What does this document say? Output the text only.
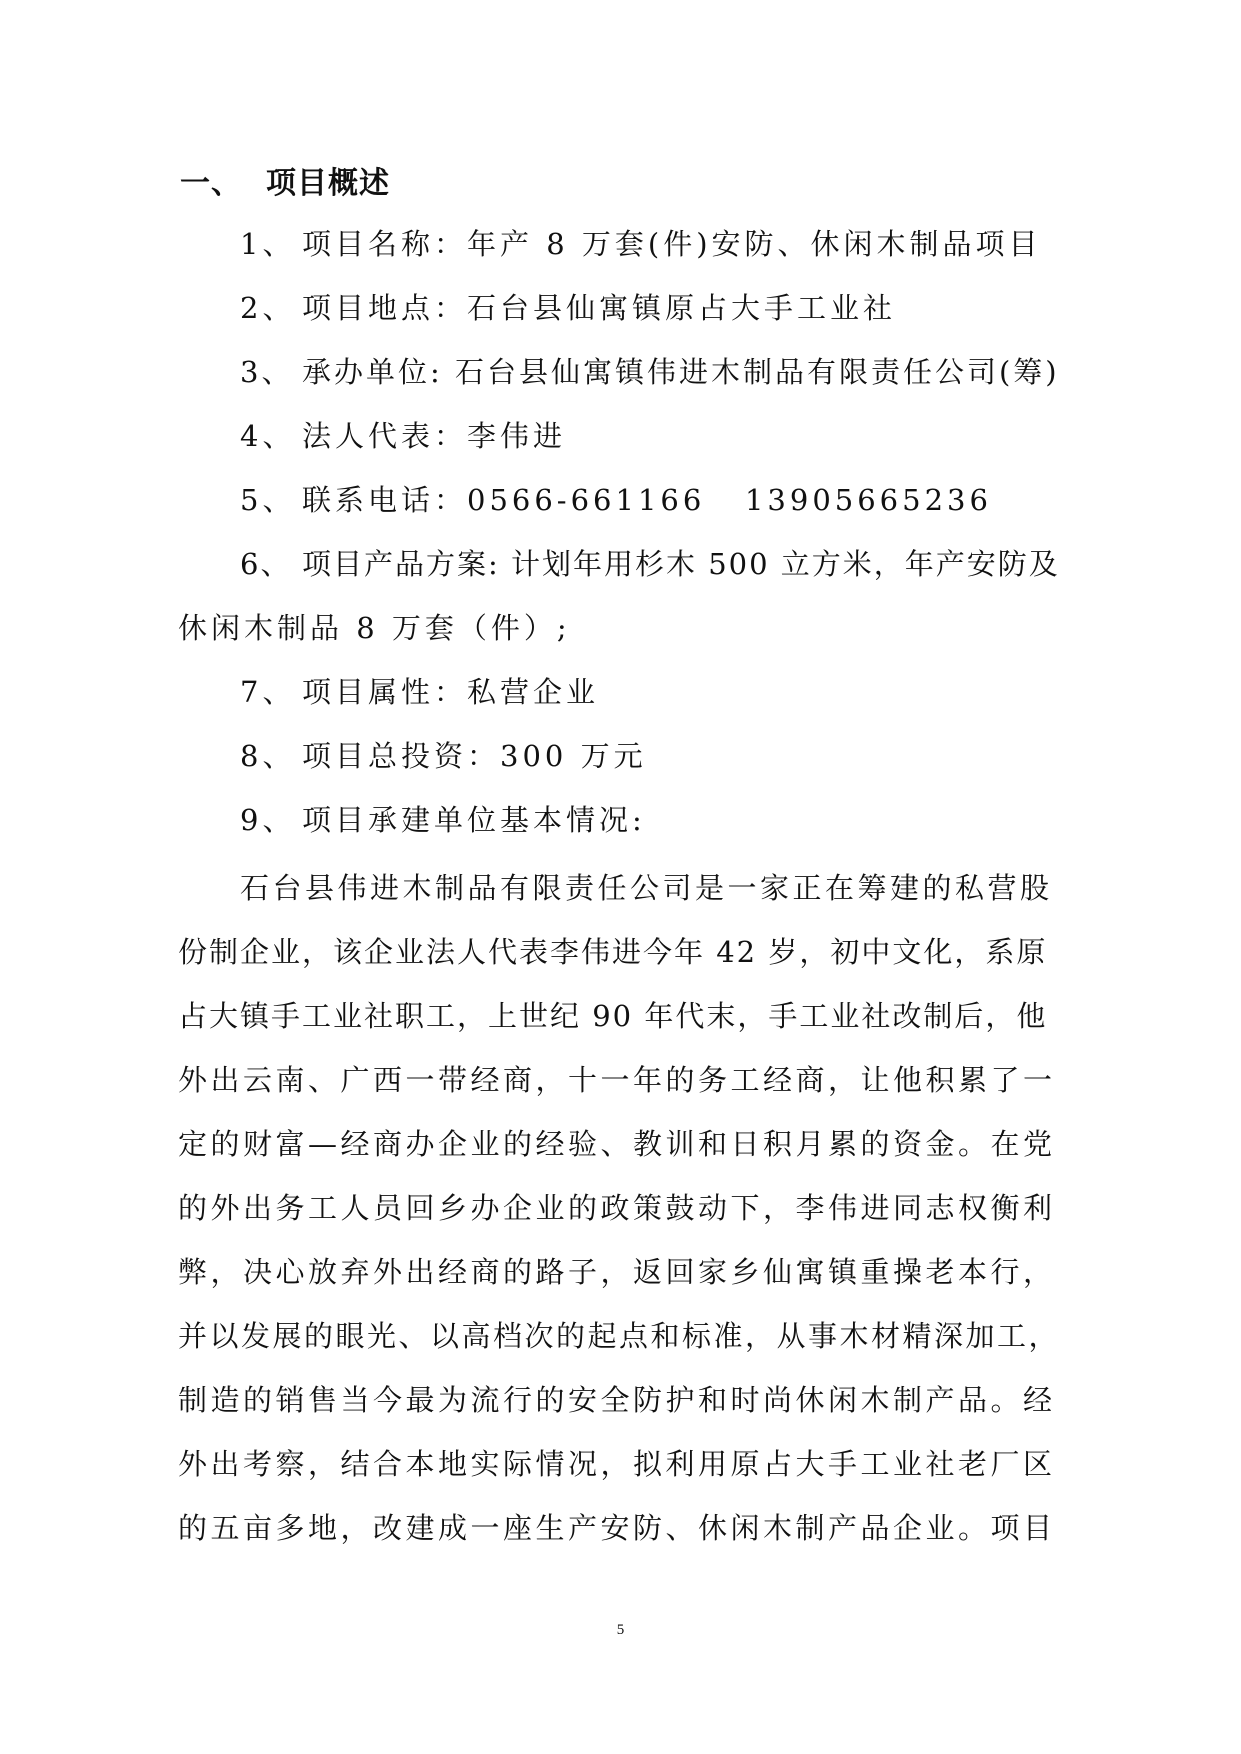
一、 项目概述
1、 项目名称：年产 8 万套(件)安防、休闲木制品项目
2、 项目地点：石台县仙寓镇原占大手工业社
3、 承办单位: 石台县仙寓镇伟进木制品有限责任公司(筹)
4、 法人代表：李伟进
5、 联系电话：0566-661166   13905665236
6、 项目产品方案: 计划年用杉木 500 立方米，年产安防及
休闲木制品 8 万套（件）;
7、 项目属性：私营企业
8、 项目总投资：300 万元
9、 项目承建单位基本情况:
石台县伟进木制品有限责任公司是一家正在筹建的私营股
份制企业，该企业法人代表李伟进今年 42 岁，初中文化，系原
占大镇手工业社职工，上世纪 90 年代末，手工业社改制后，他
外出云南、广西一带经商，十一年的务工经商，让他积累了一
定的财富—经商办企业的经验、教训和日积月累的资金。在党
的外出务工人员回乡办企业的政策鼓动下，李伟进同志权衡利
弊，决心放弃外出经商的路子，返回家乡仙寓镇重操老本行，
并以发展的眼光、以高档次的起点和标准，从事木材精深加工，
制造的销售当今最为流行的安全防护和时尚休闲木制产品。经
外出考察，结合本地实际情况，拟利用原占大手工业社老厂区
的五亩多地，改建成一座生产安防、休闲木制产品企业。项目
5
